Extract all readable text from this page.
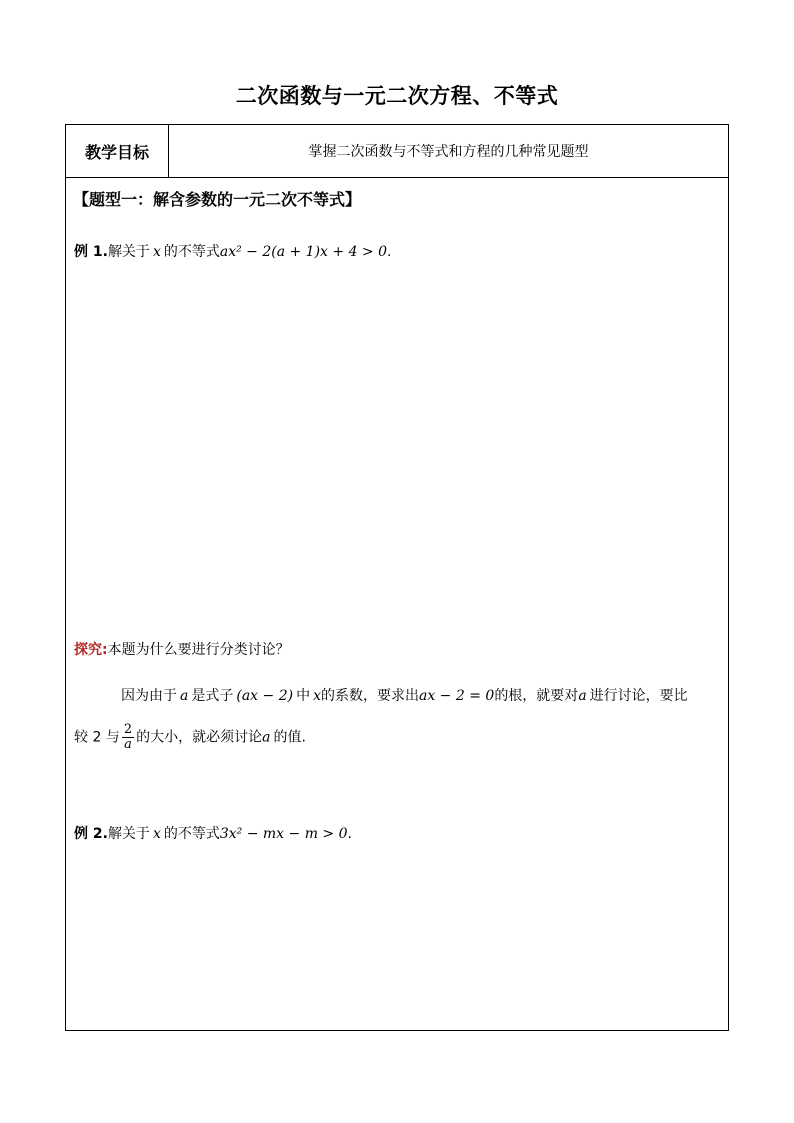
二次函数与一元二次方程、不等式
教学目标	掌握二次函数与不等式和方程的几种常见题型
【题型一：解含参数的一元二次不等式】
例 1.解关于 x 的不等式ax² − 2(a + 1)x + 4 > 0.
探究:本题为什么要进行分类讨论？
因为由于 a 是式子 (ax − 2) 中 x的系数，要求出ax − 2 = 0的根，就要对a 进行讨论，要比
较 2 与 $\frac{2}{a}$ 的大小，就必须讨论a 的值.
例 2.解关于 x 的不等式3x² − mx − m > 0.
